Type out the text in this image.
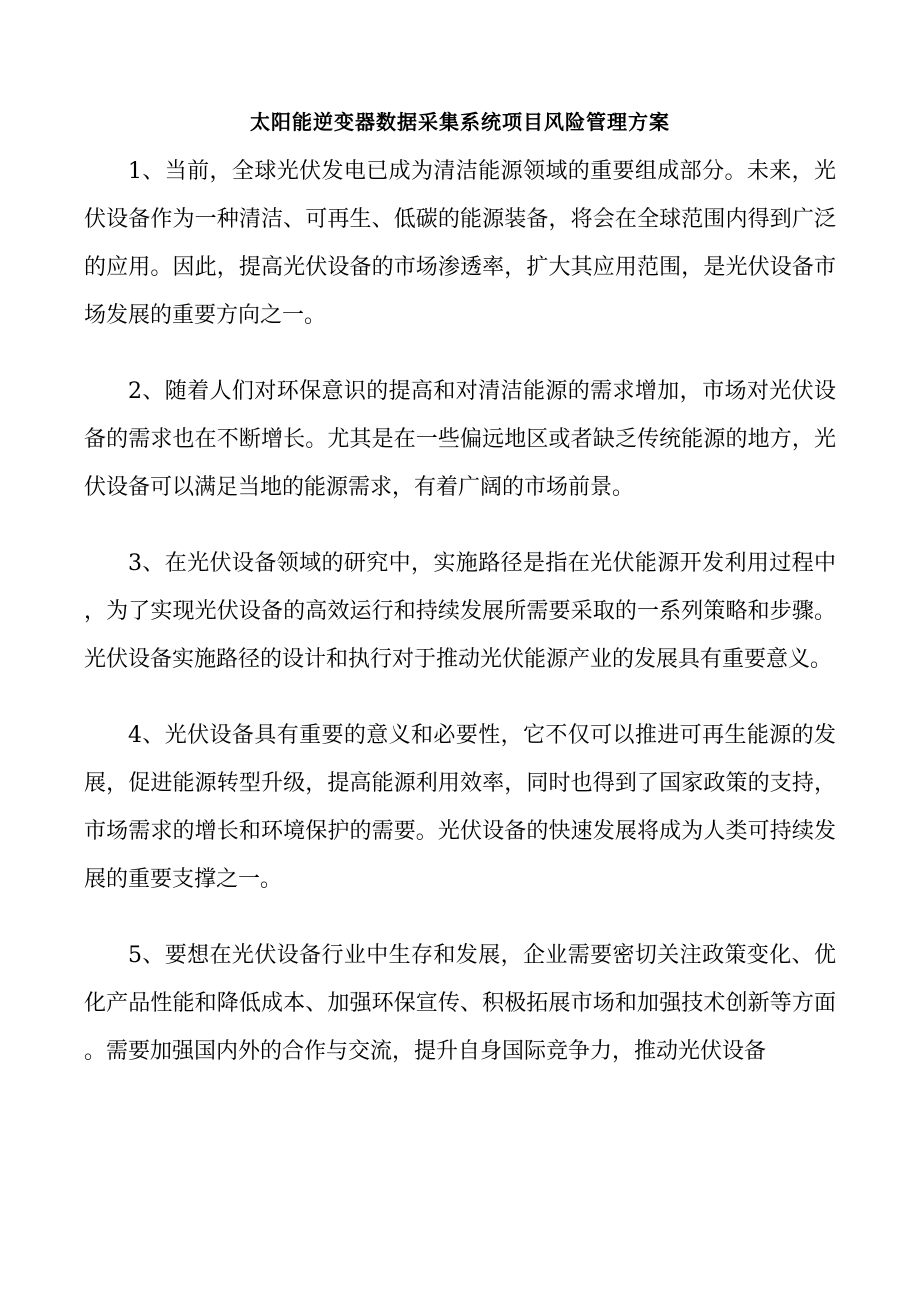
太阳能逆变器数据采集系统项目风险管理方案

1、当前，全球光伏发电已成为清洁能源领域的重要组成部分。未来，光伏设备作为一种清洁、可再生、低碳的能源装备，将会在全球范围内得到广泛的应用。因此，提高光伏设备的市场渗透率，扩大其应用范围，是光伏设备市场发展的重要方向之一。

2、随着人们对环保意识的提高和对清洁能源的需求增加，市场对光伏设备的需求也在不断增长。尤其是在一些偏远地区或者缺乏传统能源的地方，光伏设备可以满足当地的能源需求，有着广阔的市场前景。

3、在光伏设备领域的研究中，实施路径是指在光伏能源开发利用过程中，为了实现光伏设备的高效运行和持续发展所需要采取的一系列策略和步骤。光伏设备实施路径的设计和执行对于推动光伏能源产业的发展具有重要意义。

4、光伏设备具有重要的意义和必要性，它不仅可以推进可再生能源的发展，促进能源转型升级，提高能源利用效率，同时也得到了国家政策的支持，市场需求的增长和环境保护的需要。光伏设备的快速发展将成为人类可持续发展的重要支撑之一。

5、要想在光伏设备行业中生存和发展，企业需要密切关注政策变化、优化产品性能和降低成本、加强环保宣传、积极拓展市场和加强技术创新等方面。需要加强国内外的合作与交流，提升自身国际竞争力，推动光伏设备
